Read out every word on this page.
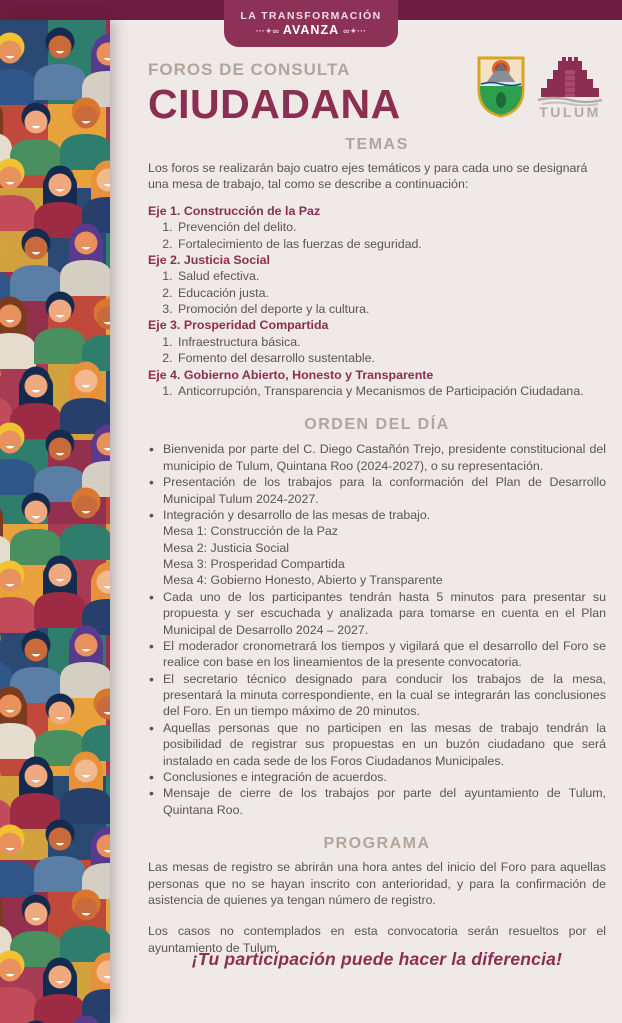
LA TRANSFORMACIÓN
···✦∞ AVANZA ∞✦···
FOROS DE CONSULTA
CIUDADANA	TULUM
TEMAS

Los foros se realizarán bajo cuatro ejes temáticos y para cada uno se designará una mesa de trabajo, tal como se describe a continuación:

Eje 1. Construcción de la Paz
1. Prevención del delito.
2. Fortalecimiento de las fuerzas de seguridad.
Eje 2. Justicia Social
1. Salud efectiva.
2. Educación justa.
3. Promoción del deporte y la cultura.
Eje 3. Prosperidad Compartida
1. Infraestructura básica.
2. Fomento del desarrollo sustentable.
Eje 4. Gobierno Abierto, Honesto y Transparente
1. Anticorrupción, Transparencia y Mecanismos de Participación Ciudadana.
ORDEN DEL DÍA
• Bienvenida por parte del C. Diego Castañón Trejo, presidente constitucional del municipio de Tulum, Quintana Roo (2024-2027), o su representación.
• Presentación de los trabajos para la conformación del Plan de Desarrollo Municipal Tulum 2024-2027.
• Integración y desarrollo de las mesas de trabajo.
Mesa 1: Construcción de la Paz
Mesa 2: Justicia Social
Mesa 3: Prosperidad Compartida
Mesa 4: Gobierno Honesto, Abierto y Transparente
• Cada uno de los participantes tendrán hasta 5 minutos para presentar su propuesta y ser escuchada y analizada para tomarse en cuenta en el Plan Municipal de Desarrollo 2024 – 2027.
• El moderador cronometrará los tiempos y vigilará que el desarrollo del Foro se realice con base en los lineamientos de la presente convocatoria.
• El secretario técnico designado para conducir los trabajos de la mesa, presentará la minuta correspondiente, en la cual se integrarán las conclusiones del Foro. En un tiempo máximo de 20 minutos.
• Aquellas personas que no participen en las mesas de trabajo tendrán la posibilidad de registrar sus propuestas en un buzón ciudadano que será instalado en cada sede de los Foros Ciudadanos Municipales.
• Conclusiones e integración de acuerdos.
• Mensaje de cierre de los trabajos por parte del ayuntamiento de Tulum, Quintana Roo.
PROGRAMA

Las mesas de registro se abrirán una hora antes del inicio del Foro para aquellas personas que no se hayan inscrito con anterioridad, y para la confirmación de asistencia de quienes ya tengan número de registro.

Los casos no contemplados en esta convocatoria serán resueltos por el ayuntamiento de Tulum.

¡Tu participación puede hacer la diferencia!
